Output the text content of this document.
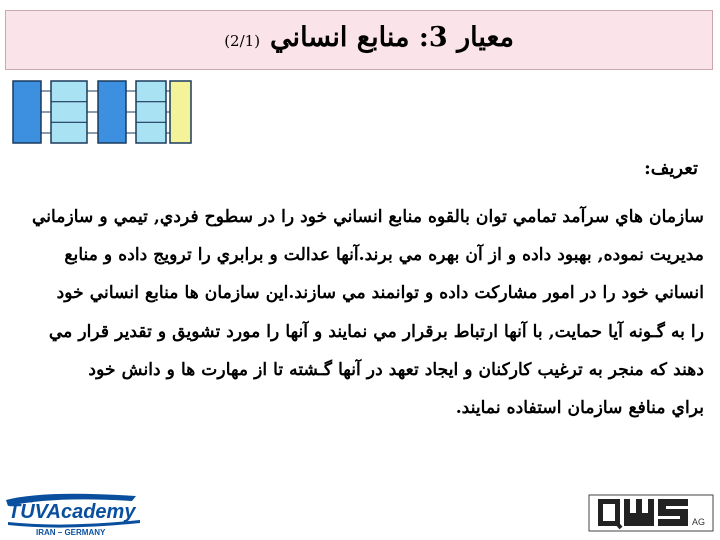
معيار 3: منابع انساني(2/1)
تعريف:
سازمان هاي سرآمد تمامي توان بالقوه منابع انساني خود را در سطوح فردي, تيمي و سازماني
مديريت نموده, بهبود داده و از آن بهره مي برند.آنها عدالت و برابري را ترويج داده و منابع
انساني خود را در امور مشاركت داده و توانمند مي سازند.اين سازمان ها منابع انساني خود
را به گـونه آيا حمايت, با آنها ارتباط برقرار مي نمايند و آنها را مورد تشويق و تقدير قرار مي
دهند كه منجر به ترغيب كاركنان و ايجاد تعهد در آنها گـشته تا از مهارت ها و دانش خود
براي منافع سازمان استفاده نمايند.
TÜVAcademy
IRAN – GERMANY
AG
